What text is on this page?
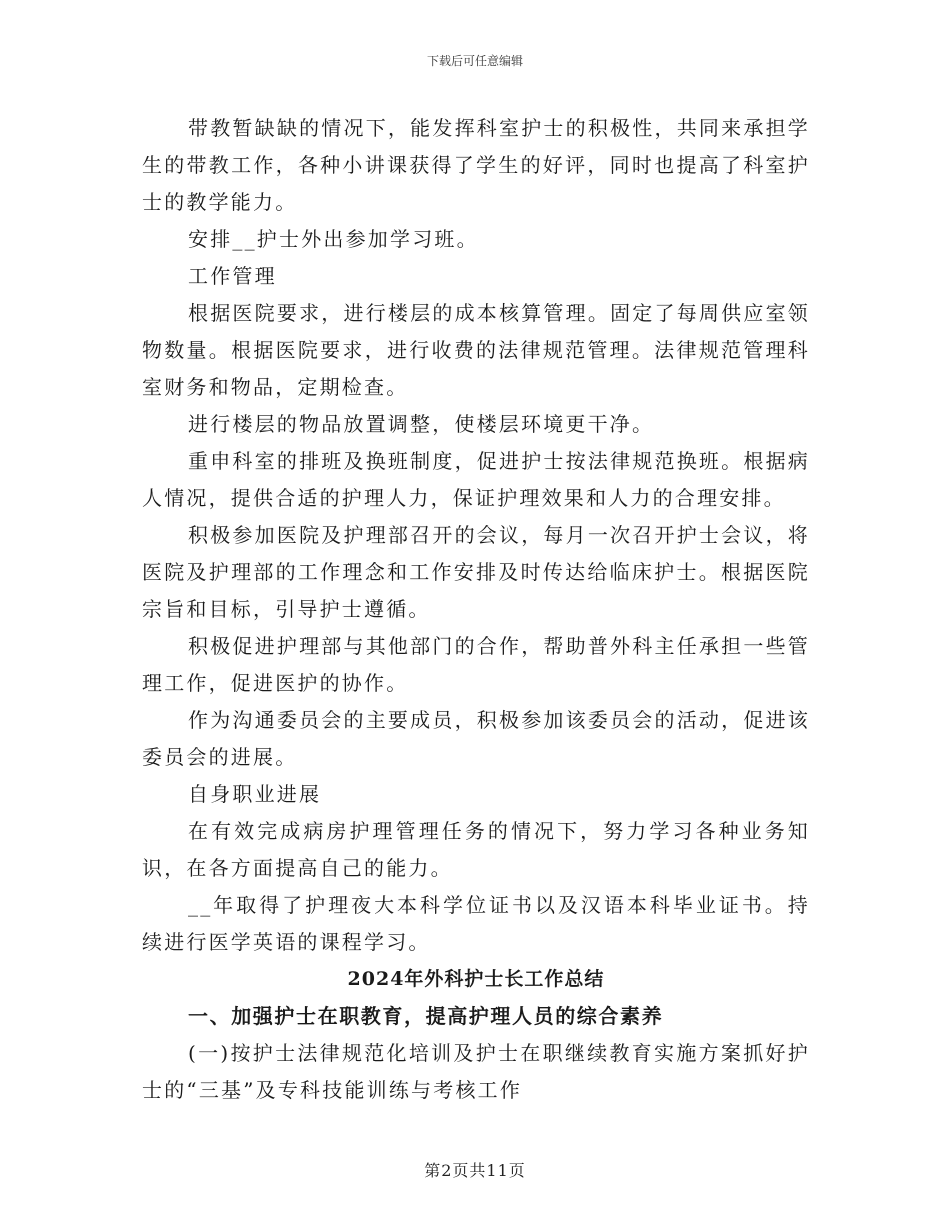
下载后可任意编辑

带教暂缺缺的情况下，能发挥科室护士的积极性，共同来承担学生的带教工作，各种小讲课获得了学生的好评，同时也提高了科室护士的教学能力。

安排__护士外出参加学习班。

工作管理

根据医院要求，进行楼层的成本核算管理。固定了每周供应室领物数量。根据医院要求，进行收费的法律规范管理。法律规范管理科室财务和物品，定期检查。

进行楼层的物品放置调整，使楼层环境更干净。

重申科室的排班及换班制度，促进护士按法律规范换班。根据病人情况，提供合适的护理人力，保证护理效果和人力的合理安排。

积极参加医院及护理部召开的会议，每月一次召开护士会议，将医院及护理部的工作理念和工作安排及时传达给临床护士。根据医院宗旨和目标，引导护士遵循。

积极促进护理部与其他部门的合作，帮助普外科主任承担一些管理工作，促进医护的协作。

作为沟通委员会的主要成员，积极参加该委员会的活动，促进该委员会的进展。

自身职业进展

在有效完成病房护理管理任务的情况下，努力学习各种业务知识，在各方面提高自己的能力。

__年取得了护理夜大本科学位证书以及汉语本科毕业证书。持续进行医学英语的课程学习。

2024年外科护士长工作总结

一、加强护士在职教育，提高护理人员的综合素养

(一)按护士法律规范化培训及护士在职继续教育实施方案抓好护士的“三基”及专科技能训练与考核工作

第2页共11页
